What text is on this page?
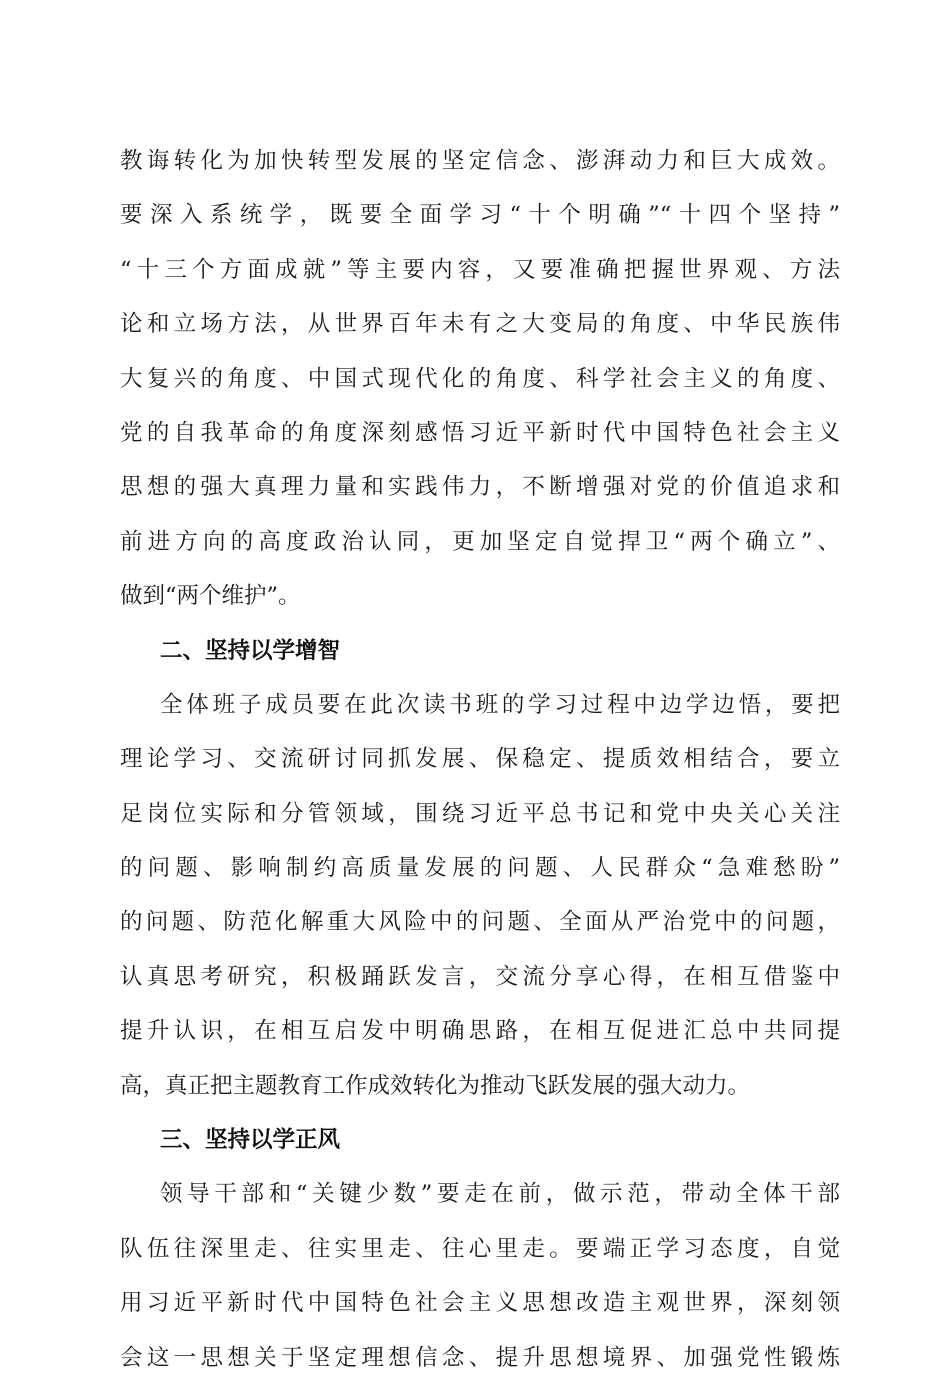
教诲转化为加快转型发展的坚定信念、澎湃动力和巨大成效。
要深入系统学，既要全面学习“十个明确”“十四个坚持”
“十三个方面成就”等主要内容，又要准确把握世界观、方法
论和立场方法，从世界百年未有之大变局的角度、中华民族伟
大复兴的角度、中国式现代化的角度、科学社会主义的角度、
党的自我革命的角度深刻感悟习近平新时代中国特色社会主义
思想的强大真理力量和实践伟力，不断增强对党的价值追求和
前进方向的高度政治认同，更加坚定自觉捍卫“两个确立”、
做到“两个维护”。
二、坚持以学增智
全体班子成员要在此次读书班的学习过程中边学边悟，要把
理论学习、交流研讨同抓发展、保稳定、提质效相结合，要立
足岗位实际和分管领域，围绕习近平总书记和党中央关心关注
的问题、影响制约高质量发展的问题、人民群众“急难愁盼”
的问题、防范化解重大风险中的问题、全面从严治党中的问题，
认真思考研究，积极踊跃发言，交流分享心得，在相互借鉴中
提升认识，在相互启发中明确思路，在相互促进汇总中共同提
高，真正把主题教育工作成效转化为推动飞跃发展的强大动力。
三、坚持以学正风
领导干部和“关键少数”要走在前，做示范，带动全体干部
队伍往深里走、往实里走、往心里走。要端正学习态度，自觉
用习近平新时代中国特色社会主义思想改造主观世界，深刻领
会这一思想关于坚定理想信念、提升思想境界、加强党性锻炼
